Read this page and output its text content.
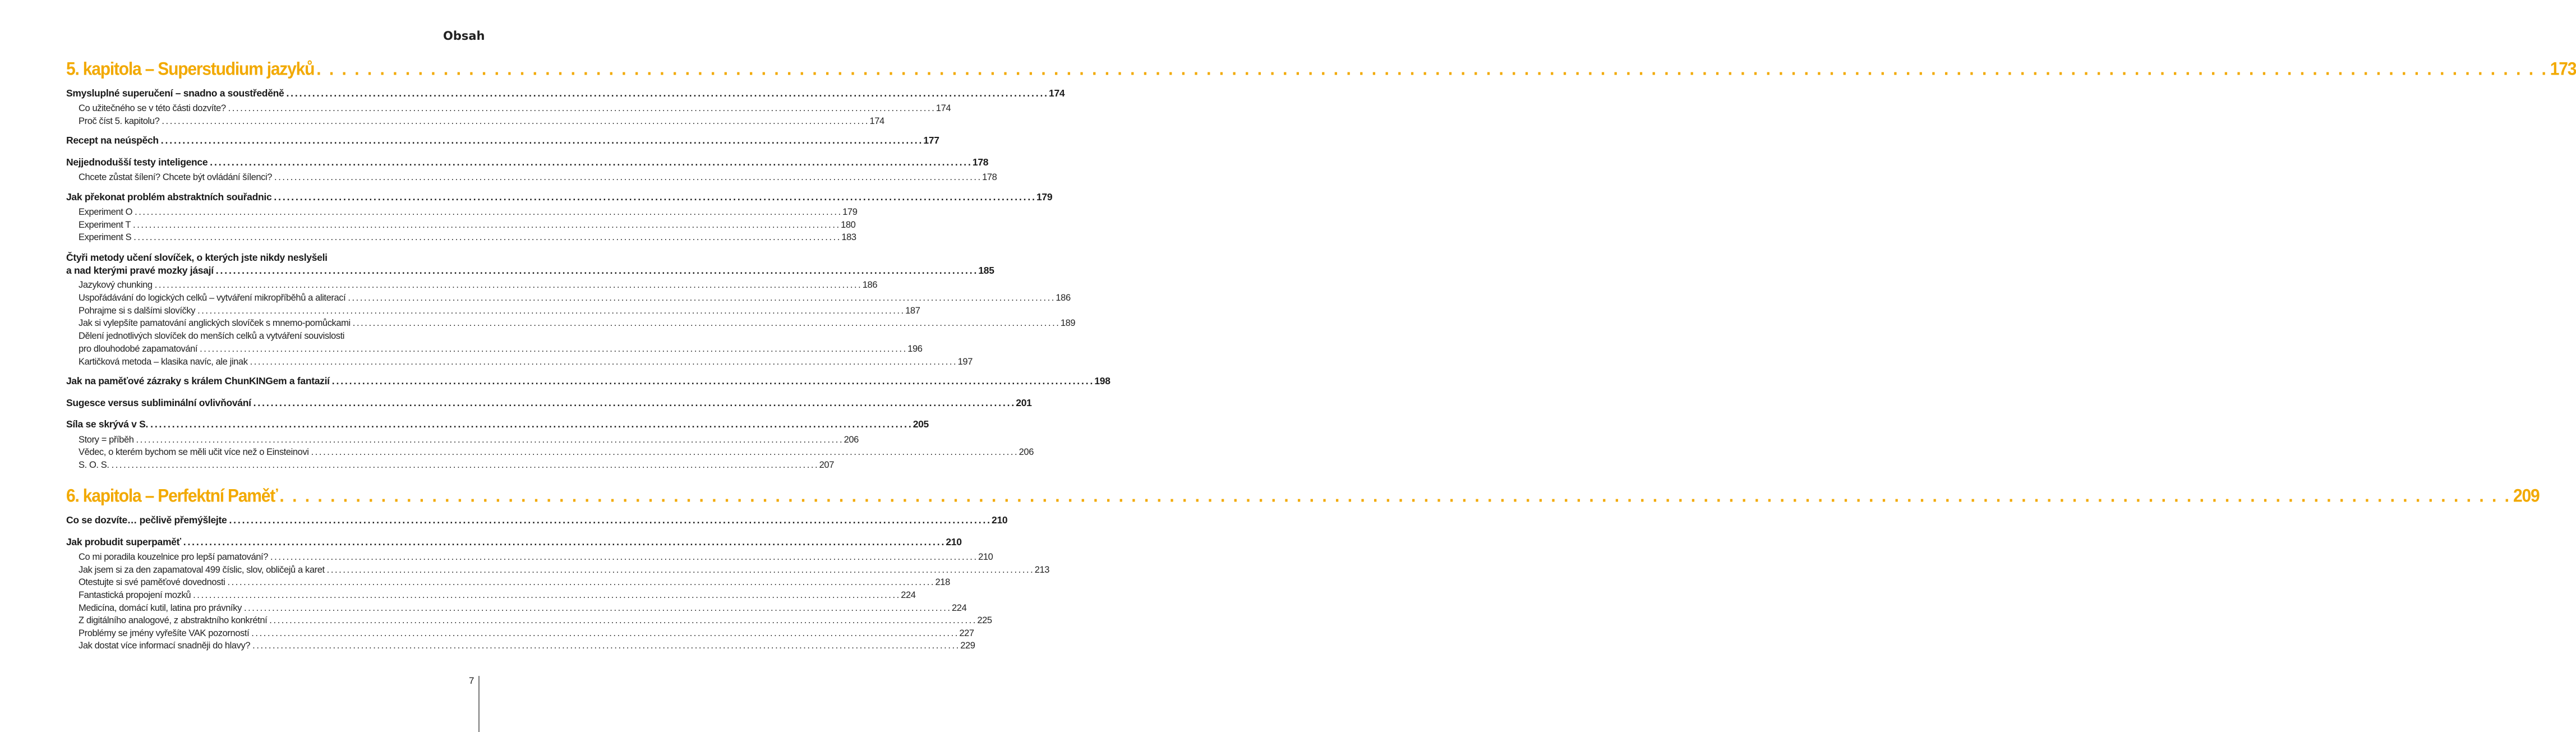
Obsah
5. kapitola – Superstudium jazyků . . .	173
Smysluplné superučení – snadno a soustředěně . . .	174
Co užitečného se v této části dozvíte? . . .	174
Proč číst 5. kapitolu? . . .	174
Recept na neúspěch . . .	177
Nejjednodušší testy inteligence . . .	178
Chcete zůstat šílení? Chcete být ovládání šílenci? . . .	178
Jak překonat problém abstraktních souřadnic . . .	179
Experiment O . . .	179
Experiment T . . .	180
Experiment S . . .	183
Čtyři metody učení slovíček, o kterých jste nikdy neslyšeli
a nad kterými pravé mozky jásají . . .	185
Jazykový chunking . . .	186
Uspořádávání do logických celků – vytváření mikropříběhů a aliterací . . .	186
Pohrajme si s dalšími slovíčky . . .	187
Jak si vylepšíte pamatování anglických slovíček s mnemo-pomůckami . . .	189
Dělení jednotlivých slovíček do menších celků a vytváření souvislosti
pro dlouhodobé zapamatování . . .	196
Kartičková metoda – klasika navíc, ale jinak . . .	197
Jak na paměťové zázraky s králem ChunKINGem a fantazií . . .	198
Sugesce versus subliminální ovlivňování . . .	201
Síla se skrývá v S. . . .	205
Story = příběh . . .	206
Vědec, o kterém bychom se měli učit více než o Einsteinovi . . .	206
S. O. S. . . .	207
6. kapitola – Perfektní Paměť . . .	209
Co se dozvíte… pečlivě přemýšlejte . . .	210
Jak probudit superpaměť . . .	210
Co mi poradila kouzelnice pro lepší pamatování? . . .	210
Jak jsem si za den zapamatoval 499 číslic, slov, obličejů a karet . . .	213
Otestujte si své paměťové dovednosti . . .	218
Fantastická propojení mozků . . .	224
Medicína, domácí kutil, latina pro právníky . . .	224
Z digitálního analogové, z abstraktního konkrétní . . .	225
Problémy se jmény vyřešíte VAK pozorností . . .	227
Jak dostat více informací snadněji do hlavy? . . .	229
7
